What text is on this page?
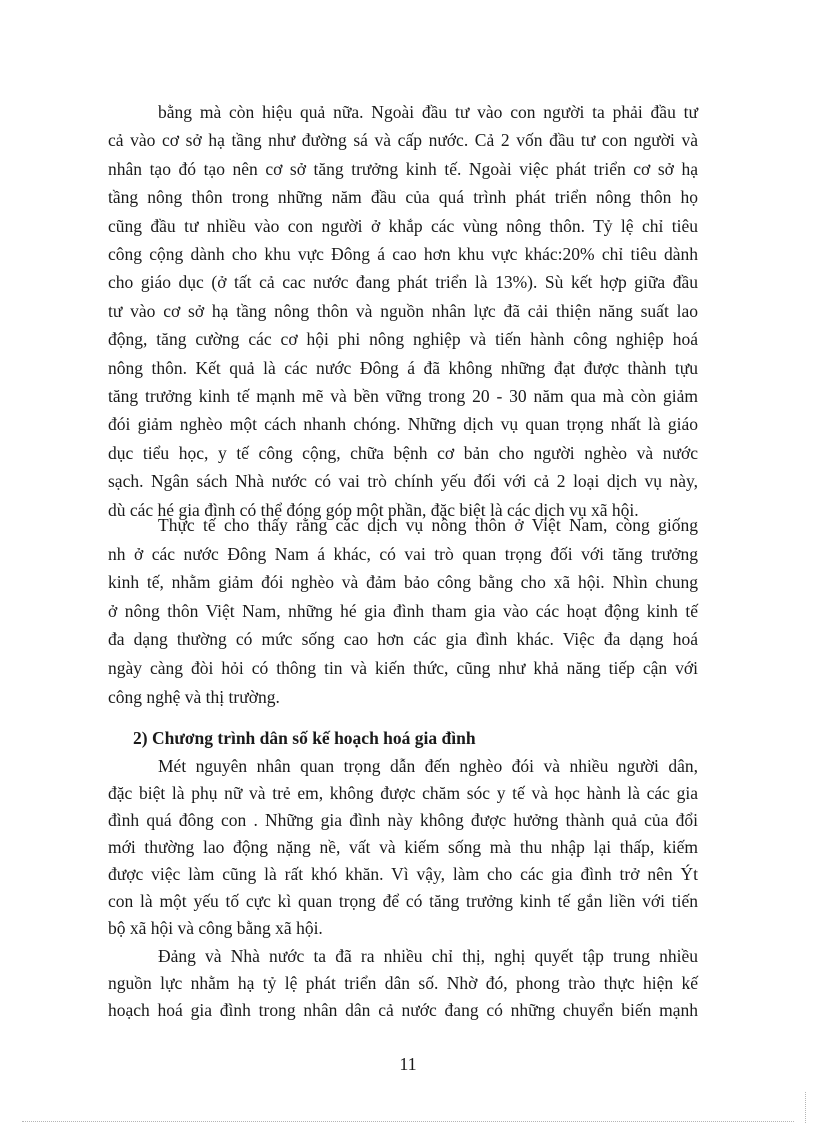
bằng mà còn hiệu quả nữa. Ngoài đầu tư vào con người ta phải đầu tư
cả vào cơ sở hạ tầng như đường sá và cấp nước. Cả 2 vốn đầu tư con người và
nhân tạo đó tạo nên cơ sở tăng trưởng kinh tế. Ngoài việc phát triển cơ sở hạ
tầng nông thôn trong những năm đầu của quá trình phát triển nông thôn họ
cũng đầu tư nhiều vào con người ở khắp các vùng nông thôn. Tỷ lệ chỉ tiêu
công cộng dành cho khu vực Đông á cao hơn khu vực khác:20% chỉ tiêu dành
cho giáo dục (ở tất cả cac nước đang phát triển là 13%). Sù kết hợp giữa đầu
tư vào cơ sở hạ tầng nông thôn và nguồn nhân lực đã cải thiện năng suất lao
động, tăng cường các cơ hội phi nông nghiệp và tiến hành công nghiệp hoá
nông thôn. Kết quả là các nước Đông á đã không những đạt được thành tựu
tăng trưởng kinh tế mạnh mẽ và bền vững trong 20 - 30 năm qua mà còn giảm
đói giảm nghèo một cách nhanh chóng. Những dịch vụ quan trọng nhất là giáo
dục tiểu học, y tế công cộng, chữa bệnh cơ bản cho người nghèo và nước
sạch. Ngân sách Nhà nước có vai trò chính yếu đối với cả 2 loại dịch vụ này,
dù các hé gia đình có thể đóng góp một phần, đặc biệt là các dịch vụ xã hội.
Thực tế cho thấy rằng các dịch vụ nông thôn ở Việt Nam, còng giống
nh ở các nước Đông Nam á khác, có vai trò quan trọng đối với tăng trưởng
kinh tế, nhằm giảm đói nghèo và đảm bảo công bằng cho xã hội. Nhìn chung
ở nông thôn Việt Nam, những hé gia đình tham gia vào các hoạt động kinh tế
đa dạng thường có mức sống cao hơn các gia đình khác. Việc đa dạng hoá
ngày càng đòi hỏi có thông tin và kiến thức, cũng như khả năng tiếp cận với
công nghệ và thị trường.
2) Chương trình dân số kế hoạch hoá gia đình
Mét nguyên nhân quan trọng dẫn đến nghèo đói và nhiều người dân,
đặc biệt là phụ nữ và trẻ em, không được chăm sóc y tế và học hành là các gia
đình quá đông con . Những gia đình này không được hưởng thành quả của đổi
mới thường lao động nặng nề, vất và kiếm sống mà thu nhập lại thấp, kiếm
được việc làm cũng là rất khó khăn. Vì vậy, làm cho các gia đình trở nên Ýt
con là một yếu tố cực kì quan trọng để có tăng trưởng kinh tế gắn liền với tiến
bộ xã hội và công bằng xã hội.
Đảng và Nhà nước ta đã ra nhiều chỉ thị, nghị quyết tập trung nhiều
nguồn lực nhằm hạ tỷ lệ phát triển dân số. Nhờ đó, phong trào thực hiện kế
hoạch hoá gia đình trong nhân dân cả nước đang có những chuyển biến mạnh
11
